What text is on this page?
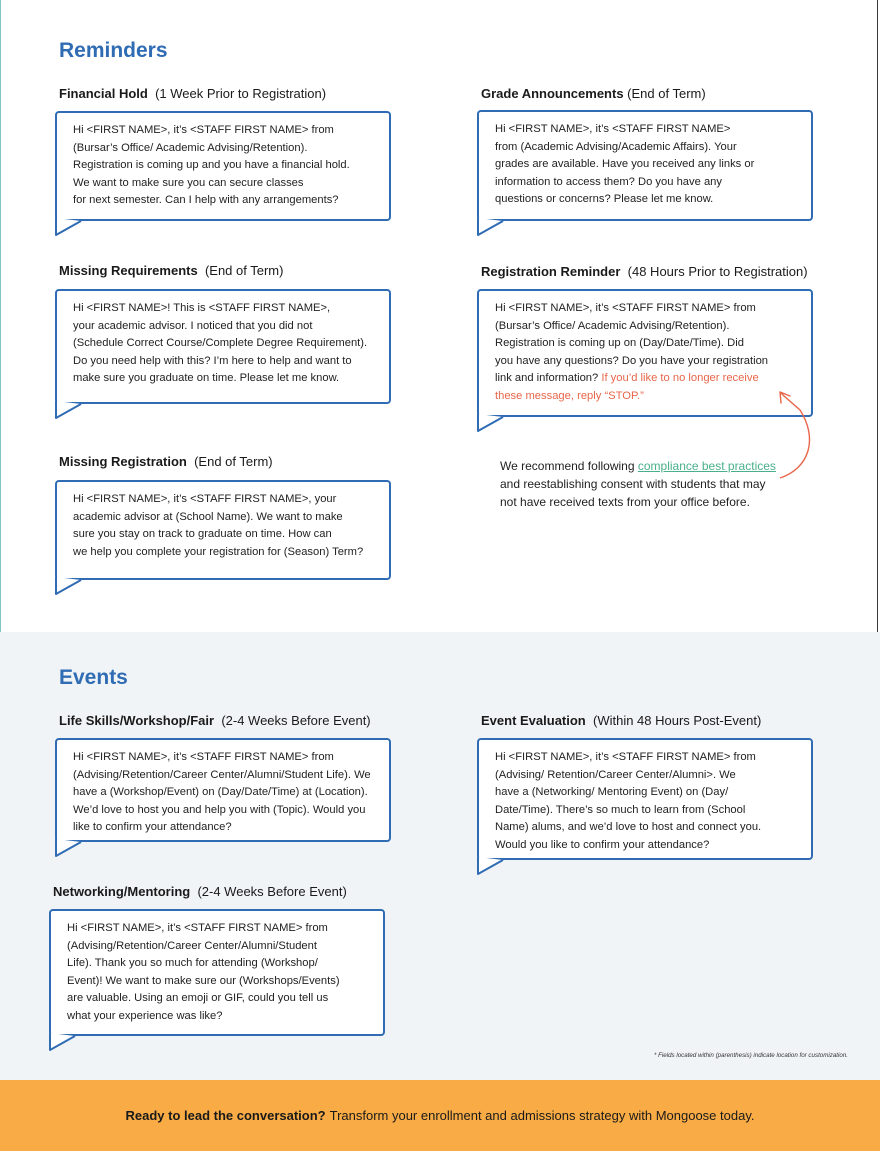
Reminders
Financial Hold (1 Week Prior to Registration)
Hi <FIRST NAME>, it’s <STAFF FIRST NAME> from
(Bursar’s Office/ Academic Advising/Retention).
Registration is coming up and you have a financial hold.
We want to make sure you can secure classes
for next semester. Can I help with any arrangements?
Grade Announcements (End of Term)
Hi <FIRST NAME>, it’s <STAFF FIRST NAME>
from (Academic Advising/Academic Affairs). Your
grades are available. Have you received any links or
information to access them? Do you have any
questions or concerns? Please let me know.
Missing Requirements (End of Term)
Hi <FIRST NAME>! This is <STAFF FIRST NAME>,
your academic advisor. I noticed that you did not
(Schedule Correct Course/Complete Degree Requirement).
Do you need help with this? I’m here to help and want to
make sure you graduate on time. Please let me know.
Registration Reminder (48 Hours Prior to Registration)
Hi <FIRST NAME>, it’s <STAFF FIRST NAME> from
(Bursar’s Office/ Academic Advising/Retention).
Registration is coming up on (Day/Date/Time). Did
you have any questions? Do you have your registration
link and information? If you’d like to no longer receive
these message, reply “STOP.”
We recommend following compliance best practices
and reestablishing consent with students that may
not have received texts from your office before.
Missing Registration (End of Term)
Hi <FIRST NAME>, it’s <STAFF FIRST NAME>, your
academic advisor at (School Name). We want to make
sure you stay on track to graduate on time. How can
we help you complete your registration for (Season) Term?
Events
Life Skills/Workshop/Fair (2-4 Weeks Before Event)
Hi <FIRST NAME>, it’s <STAFF FIRST NAME> from
(Advising/Retention/Career Center/Alumni/Student Life). We
have a (Workshop/Event) on (Day/Date/Time) at (Location).
We’d love to host you and help you with (Topic). Would you
like to confirm your attendance?
Event Evaluation (Within 48 Hours Post-Event)
Hi <FIRST NAME>, it’s <STAFF FIRST NAME> from
(Advising/ Retention/Career Center/Alumni>. We
have a (Networking/ Mentoring Event) on (Day/
Date/Time). There’s so much to learn from (School
Name) alums, and we’d love to host and connect you.
Would you like to confirm your attendance?
Networking/Mentoring (2-4 Weeks Before Event)
Hi <FIRST NAME>, it’s <STAFF FIRST NAME> from
(Advising/Retention/Career Center/Alumni/Student
Life). Thank you so much for attending (Workshop/
Event)! We want to make sure our (Workshops/Events)
are valuable. Using an emoji or GIF, could you tell us
what your experience was like?
* Fields located within (parenthesis) indicate location for customization.
Ready to lead the conversation? Transform your enrollment and admissions strategy with Mongoose today.
